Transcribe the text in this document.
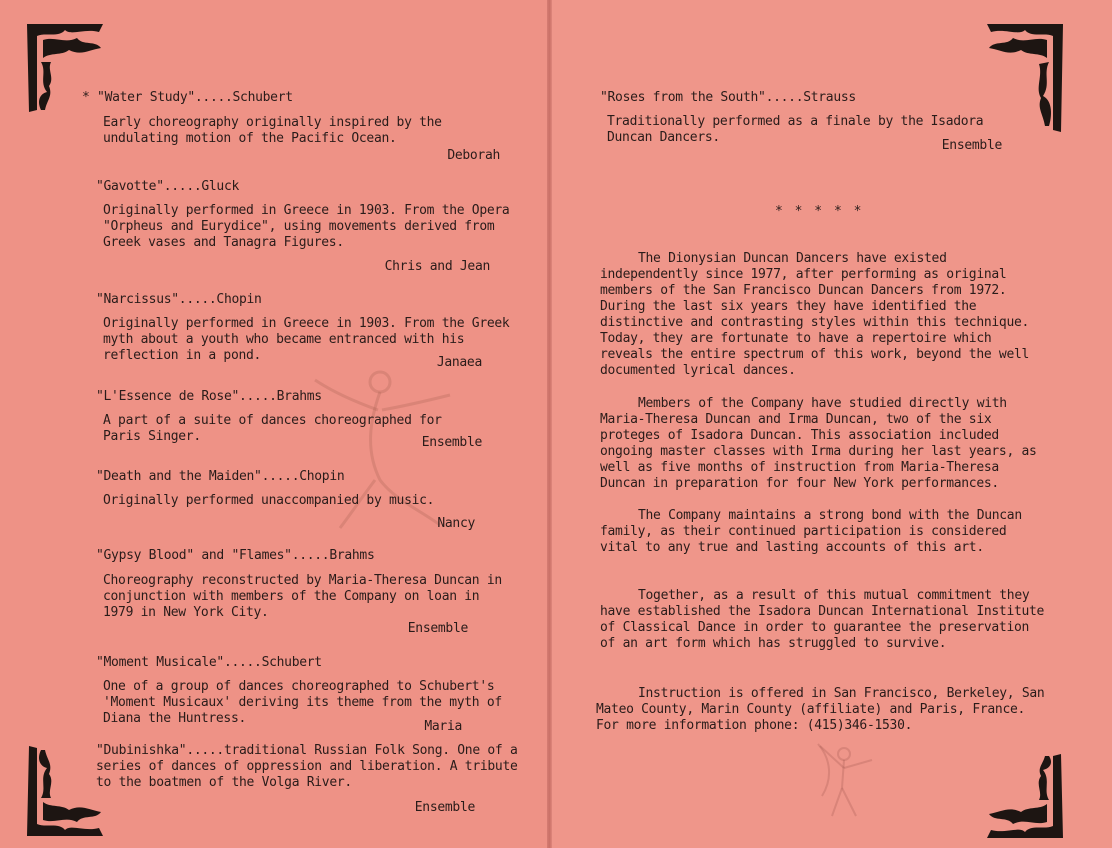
* "Water Study".....Schubert
Early choreography originally inspired by the undulating motion of the Pacific Ocean.
Deborah
"Gavotte".....Gluck
Originally performed in Greece in 1903. From the Opera "Orpheus and Eurydice", using movements derived from Greek vases and Tanagra Figures.
Chris and Jean
"Narcissus".....Chopin
Originally performed in Greece in 1903. From the Greek myth about a youth who became entranced with his reflection in a pond.	Janaea
"L'Essence de Rose".....Brahms
A part of a suite of dances choreographed for Paris Singer.	Ensemble
"Death and the Maiden".....Chopin
Originally performed unaccompanied by music.
Nancy
"Gypsy Blood" and "Flames".....Brahms
Choreography reconstructed by Maria-Theresa Duncan in conjunction with members of the Company on loan in 1979 in New York City.
Ensemble
"Moment Musicale".....Schubert
One of a group of dances choreographed to Schubert's 'Moment Musicaux' deriving its theme from the myth of Diana the Huntress.
Maria
"Dubinishka".....traditional Russian Folk Song. One of a series of dances of oppression and liberation. A tribute to the boatmen of the Volga River.
Ensemble
"Roses from the South".....Strauss
Traditionally performed as a finale by the Isadora Duncan Dancers.
Ensemble
* * * * *
The Dionysian Duncan Dancers have existed independently since 1977, after performing as original members of the San Francisco Duncan Dancers from 1972. During the last six years they have identified the distinctive and contrasting styles within this technique. Today, they are fortunate to have a repertoire which reveals the entire spectrum of this work, beyond the well documented lyrical dances.
Members of the Company have studied directly with Maria-Theresa Duncan and Irma Duncan, two of the six proteges of Isadora Duncan. This association included ongoing master classes with Irma during her last years, as well as five months of instruction from Maria-Theresa Duncan in preparation for four New York performances.
The Company maintains a strong bond with the Duncan family, as their continued participation is considered vital to any true and lasting accounts of this art.
Together, as a result of this mutual commitment they have established the Isadora Duncan International Institute of Classical Dance in order to guarantee the preservation of an art form which has struggled to survive.
Instruction is offered in San Francisco, Berkeley, San Mateo County, Marin County (affiliate) and Paris, France. For more information phone: (415)346-1530.
